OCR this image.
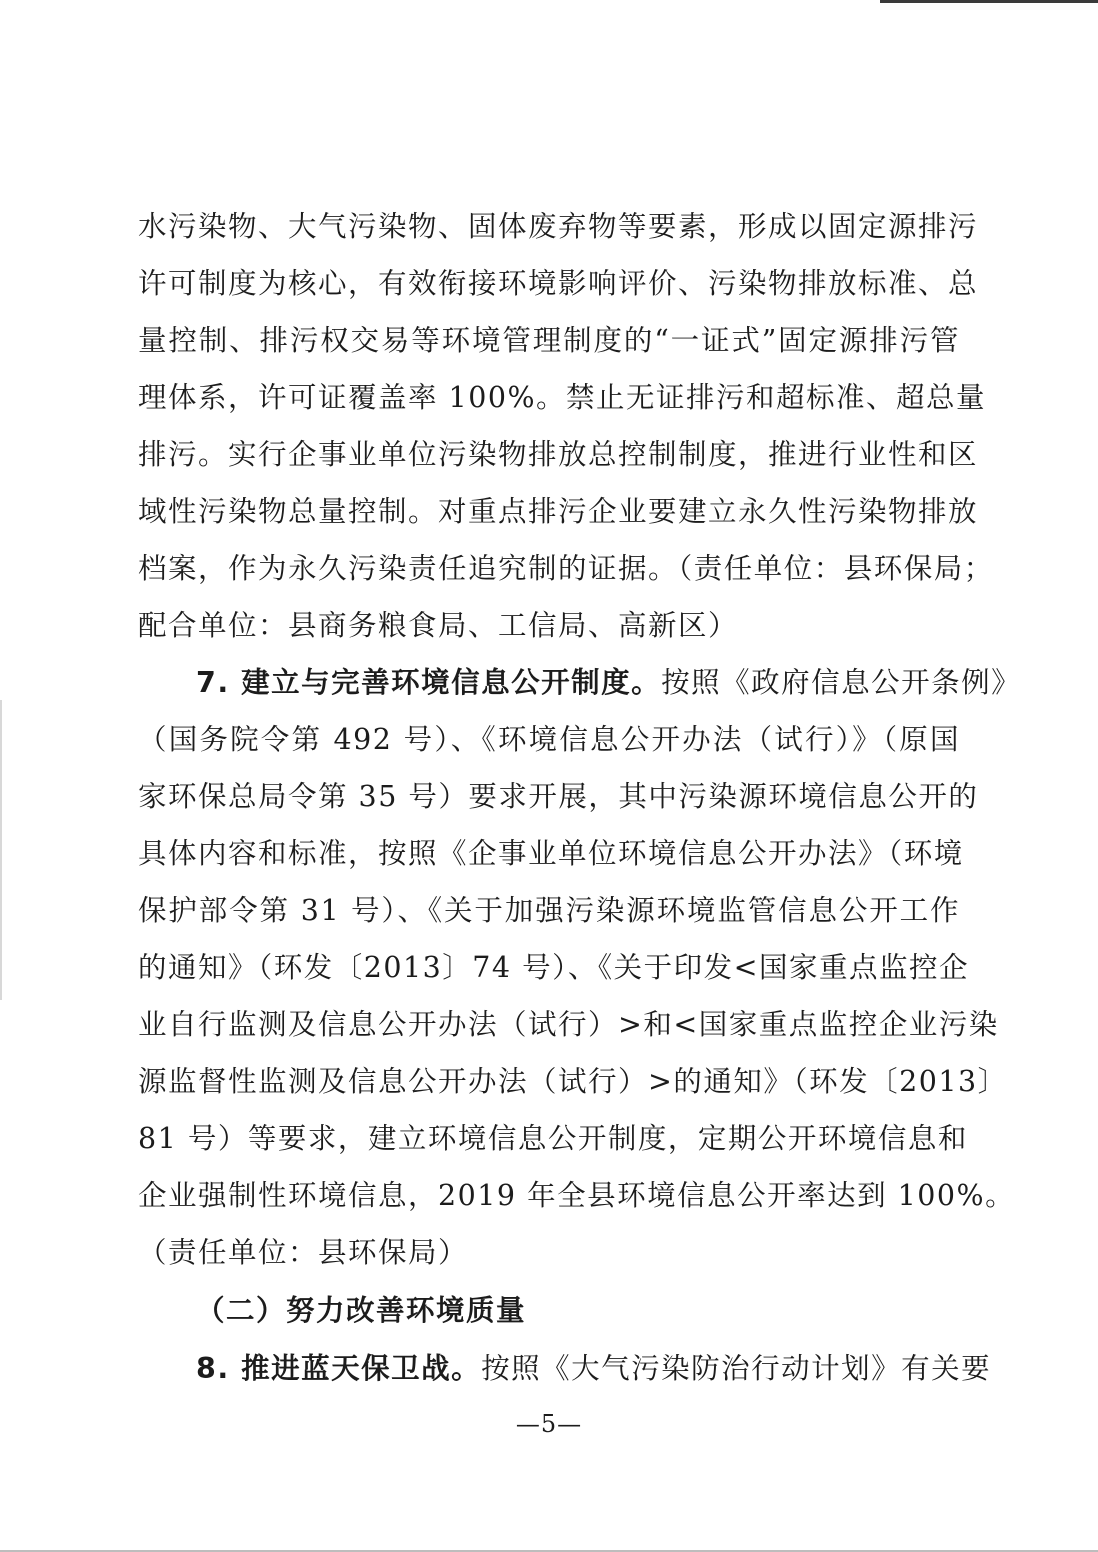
水污染物、大气污染物、固体废弃物等要素，形成以固定源排污
许可制度为核心，有效衔接环境影响评价、污染物排放标准、总
量控制、排污权交易等环境管理制度的“一证式”固定源排污管
理体系，许可证覆盖率 100%。禁止无证排污和超标准、超总量
排污。实行企事业单位污染物排放总控制制度，推进行业性和区
域性污染物总量控制。对重点排污企业要建立永久性污染物排放
档案，作为永久污染责任追究制的证据。（责任单位：县环保局；
配合单位：县商务粮食局、工信局、高新区）
7. 建立与完善环境信息公开制度。按照《政府信息公开条例》
（国务院令第 492 号）、《环境信息公开办法（试行）》（原国
家环保总局令第 35 号）要求开展，其中污染源环境信息公开的
具体内容和标准，按照《企事业单位环境信息公开办法》（环境
保护部令第 31 号）、《关于加强污染源环境监管信息公开工作
的通知》（环发〔2013〕74 号）、《关于印发<国家重点监控企
业自行监测及信息公开办法（试行）>和<国家重点监控企业污染
源监督性监测及信息公开办法（试行）>的通知》（环发〔2013〕
81 号）等要求，建立环境信息公开制度，定期公开环境信息和
企业强制性环境信息，2019 年全县环境信息公开率达到 100%。
（责任单位：县环保局）
（二）努力改善环境质量
8. 推进蓝天保卫战。按照《大气污染防治行动计划》有关要
—5—
